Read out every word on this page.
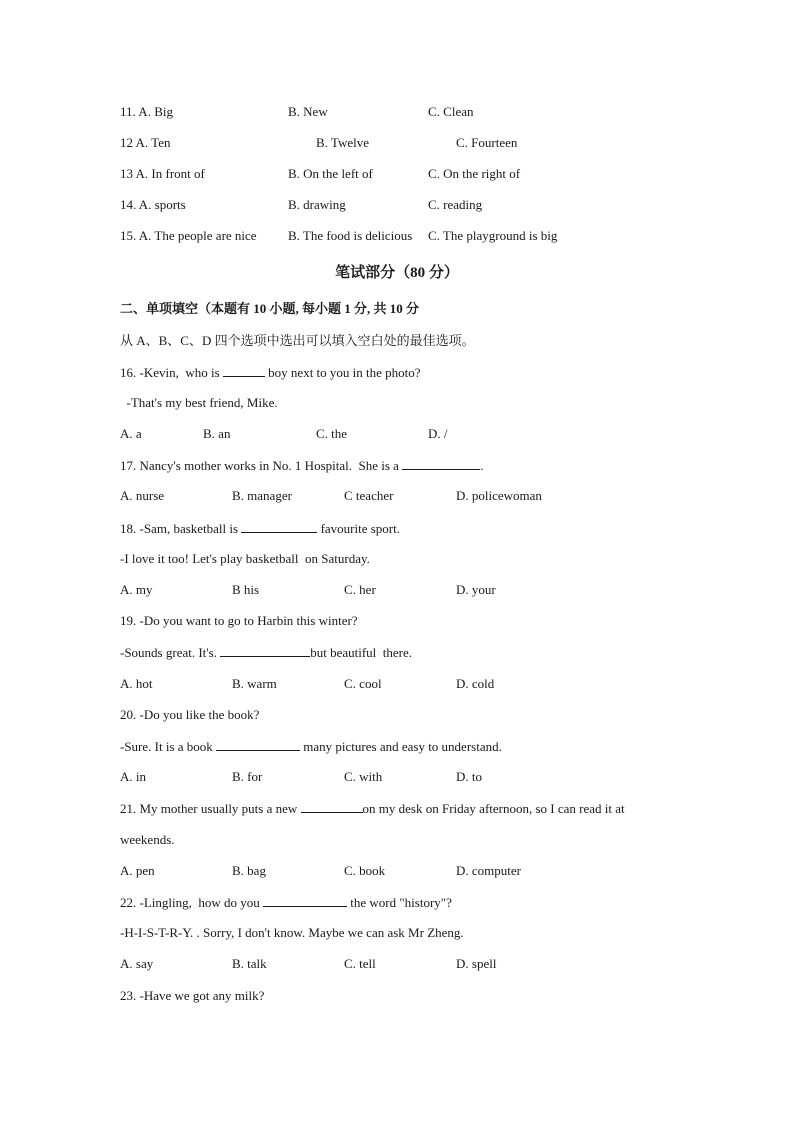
11. A. Big	B. New	C. Clean
12 A. Ten	B. Twelve	C. Fourteen
13 A. In front of	B. On the left of	C. On the right of
14. A. sports	B. drawing	C. reading
15. A. The people are nice B. The food is delicious C. The playground is big
笔试部分（80 分）
二、单项填空（本题有 10 小题, 每小题 1 分, 共 10 分
从 A、B、C、D 四个选项中选出可以填入空白处的最佳选项。
16. -Kevin,  who is	boy next to you in the photo?
-That's my best friend, Mike.
A. a	B. an	C. the	D. /
17. Nancy's mother works in No. 1 Hospital.  She is a	.
A. nurse	B. manager	C teacher	D. policewoman
18. -Sam, basketball is	favourite sport.
-I love it too! Let's play basketball  on Saturday.
A. my	B his	C. her	D. your
19. -Do you want to go to Harbin this winter?
-Sounds great. It's.	but beautiful  there.
A. hot	B. warm	C. cool	D. cold
20. -Do you like the book?
-Sure. It is a book	many pictures and easy to understand.
A. in	B. for	C. with	D. to
21. My mother usually puts a new	on my desk on Friday afternoon, so I can read it at
weekends.
A. pen	B. bag	C. book	D. computer
22. -Lingling,  how do you	the word "history"?
-H-I-S-T-R-Y. . Sorry, I don't know. Maybe we can ask Mr Zheng.
A. say	B. talk	C. tell	D. spell
23. -Have we got any milk?
